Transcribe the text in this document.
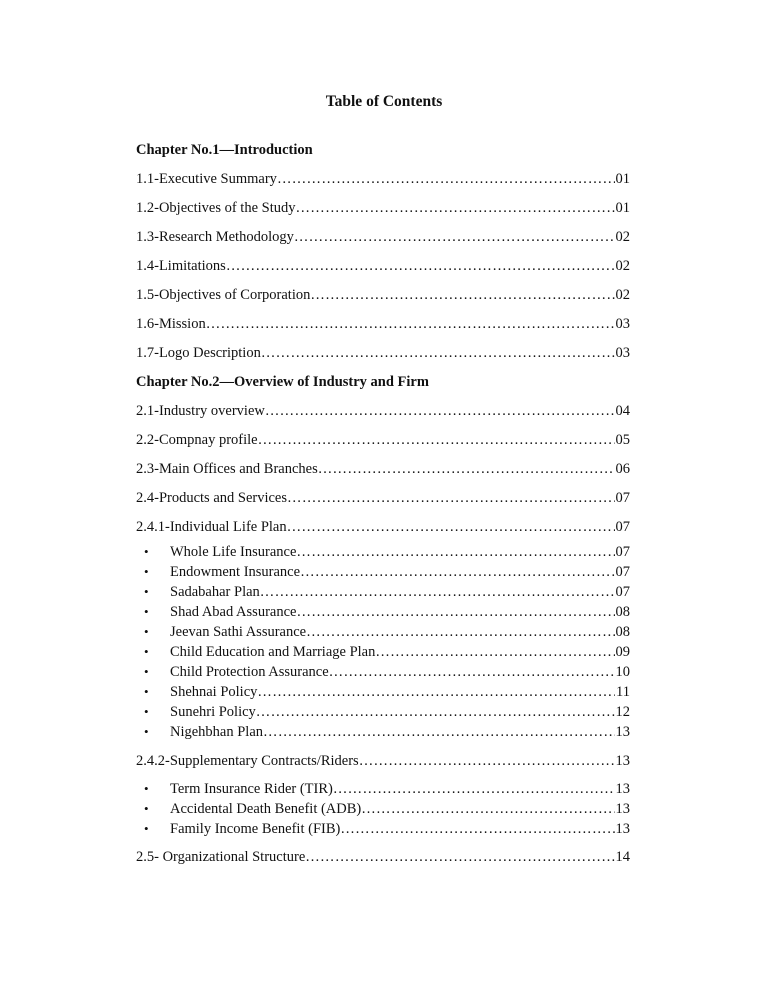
Table of Contents
Chapter No.1—Introduction
1.1-Executive Summary ……………………………………………………………………………………………………………………………………	01
1.2-Objectives of the Study ……………………………………………………………………………………………………………………………………	01
1.3-Research Methodology ……………………………………………………………………………………………………………………………………	02
1.4-Limitations ……………………………………………………………………………………………………………………………………	02
1.5-Objectives of Corporation ……………………………………………………………………………………………………………………………………	02
1.6-Mission ……………………………………………………………………………………………………………………………………	03
1.7-Logo Description ……………………………………………………………………………………………………………………………………	03
Chapter No.2—Overview of Industry and Firm
2.1-Industry overview ……………………………………………………………………………………………………………………………………	04
2.2-Compnay profile ……………………………………………………………………………………………………………………………………	05
2.3-Main Offices and Branches ……………………………………………………………………………………………………………………………………	06
2.4-Products and Services ……………………………………………………………………………………………………………………………………	07
2.4.1-Individual Life Plan ……………………………………………………………………………………………………………………………………	07
•	Whole Life Insurance ……………………………………………………………………………………………………………………………………	07
•	Endowment Insurance ……………………………………………………………………………………………………………………………………	07
•	Sadabahar Plan ……………………………………………………………………………………………………………………………………	07
•	Shad Abad Assurance ……………………………………………………………………………………………………………………………………	08
•	Jeevan Sathi Assurance ……………………………………………………………………………………………………………………………………	08
•	Child Education and Marriage Plan ……………………………………………………………………………………………………………………………………	09
•	Child Protection Assurance ……………………………………………………………………………………………………………………………………	10
•	Shehnai Policy ……………………………………………………………………………………………………………………………………	11
•	Sunehri Policy ……………………………………………………………………………………………………………………………………	12
•	Nigehbhan Plan ……………………………………………………………………………………………………………………………………	13
2.4.2-Supplementary Contracts/Riders ……………………………………………………………………………………………………………………………………	13
•	Term Insurance Rider (TIR) ……………………………………………………………………………………………………………………………………	13
•	Accidental Death Benefit (ADB) ……………………………………………………………………………………………………………………………………	13
•	Family Income Benefit (FIB) ……………………………………………………………………………………………………………………………………	13
2.5- Organizational Structure ……………………………………………………………………………………………………………………………………	14
